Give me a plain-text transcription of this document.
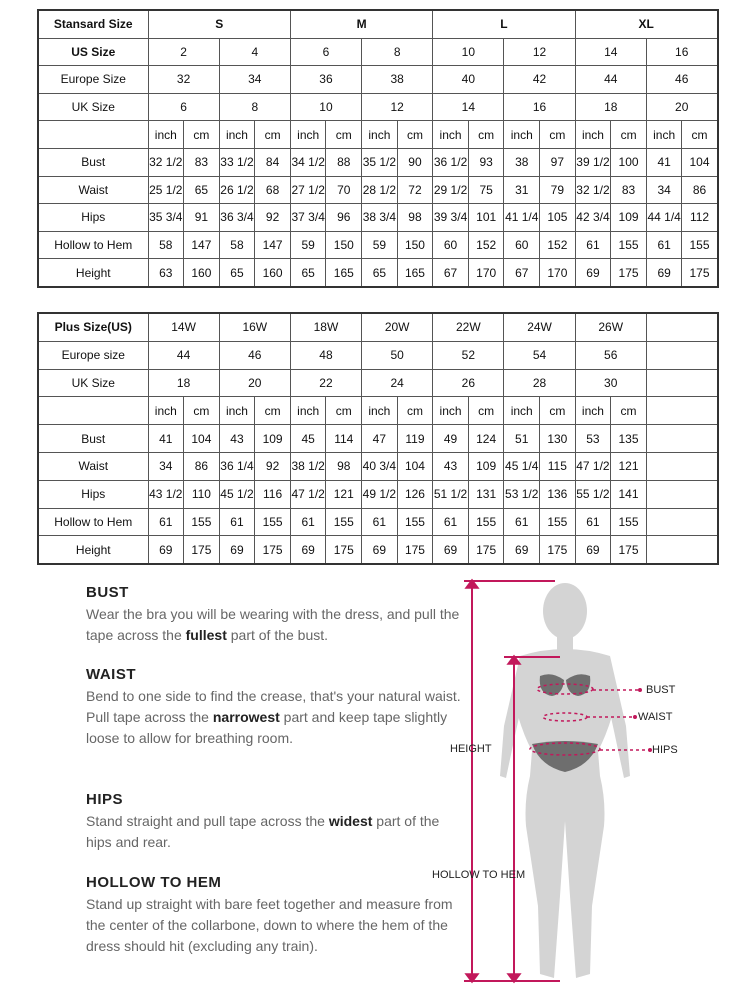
Stansard Size	S				M				L				XL			
US Size	2		4		6		8		10		12		14		16	
Europe Size	32		34		36		38		40		42		44		46	
UK Size	6		8		10		12		14		16		18		20	
	inch	cm	inch	cm	inch	cm	inch	cm	inch	cm	inch	cm	inch	cm	inch	cm
Bust	32 1/2	83	33 1/2	84	34 1/2	88	35 1/2	90	36 1/2	93	38	97	39 1/2	100	41	104
Waist	25 1/2	65	26 1/2	68	27 1/2	70	28 1/2	72	29 1/2	75	31	79	32 1/2	83	34	86
Hips	35 3/4	91	36 3/4	92	37 3/4	96	38 3/4	98	39 3/4	101	41 1/4	105	42 3/4	109	44 1/4	112
Hollow to Hem	58	147	58	147	59	150	59	150	60	152	60	152	61	155	61	155
Height	63	160	65	160	65	165	65	165	67	170	67	170	69	175	69	175
Plus Size(US)	14W		16W		18W		20W		22W		24W		26W		
Europe size	44		46		48		50		52		54		56		
UK Size	18		20		22		24		26		28		30		
	inch	cm	inch	cm	inch	cm	inch	cm	inch	cm	inch	cm	inch	cm	
Bust	41	104	43	109	45	114	47	119	49	124	51	130	53	135	
Waist	34	86	36 1/4	92	38 1/2	98	40 3/4	104	43	109	45 1/4	115	47 1/2	121	
Hips	43 1/2	110	45 1/2	116	47 1/2	121	49 1/2	126	51 1/2	131	53 1/2	136	55 1/2	141	
Hollow to Hem	61	155	61	155	61	155	61	155	61	155	61	155	61	155	
Height	69	175	69	175	69	175	69	175	69	175	69	175	69	175	
BUST

Wear the bra you will be wearing with the dress, and pull the tape across the fullest part of the bust.

WAIST

Bend to one side to find the crease, that's your natural waist. Pull tape across the narrowest part and keep tape slightly loose to allow for breathing room.

HIPS

Stand straight and pull tape across the widest part of the hips and rear.

HOLLOW TO HEM

Stand up straight with bare feet together and measure from the center of the collarbone, down to where the hem of the dress should hit (excluding any train).

BUST
WAIST
HIPS
HEIGHT
HOLLOW TO HEM
